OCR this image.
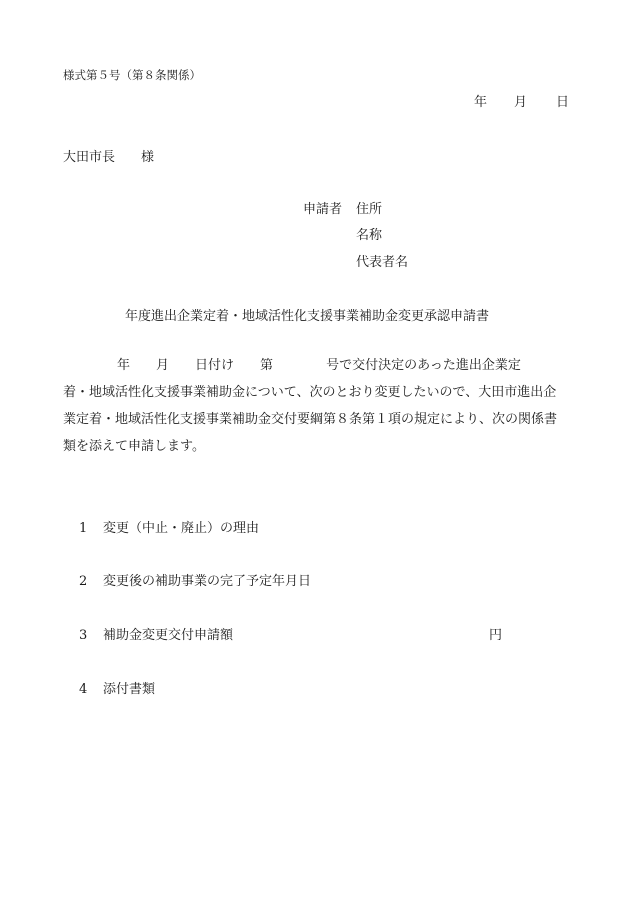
様式第５号（第８条関係）
年 月 日
大田市長　　様
申請者 住所
名称
代表者名
年度進出企業定着・地域活性化支援事業補助金変更承認申請書
年 月 日付け 第	号で交付決定のあった進出企業定
着・地域活性化支援事業補助金について、次のとおり変更したいので、大田市進出企
業定着・地域活性化支援事業補助金交付要綱第８条第１項の規定により、次の関係書
類を添えて申請します。
1 変更（中止・廃止）の理由
2 変更後の補助事業の完了予定年月日
3 補助金変更交付申請額	円
4 添付書類
